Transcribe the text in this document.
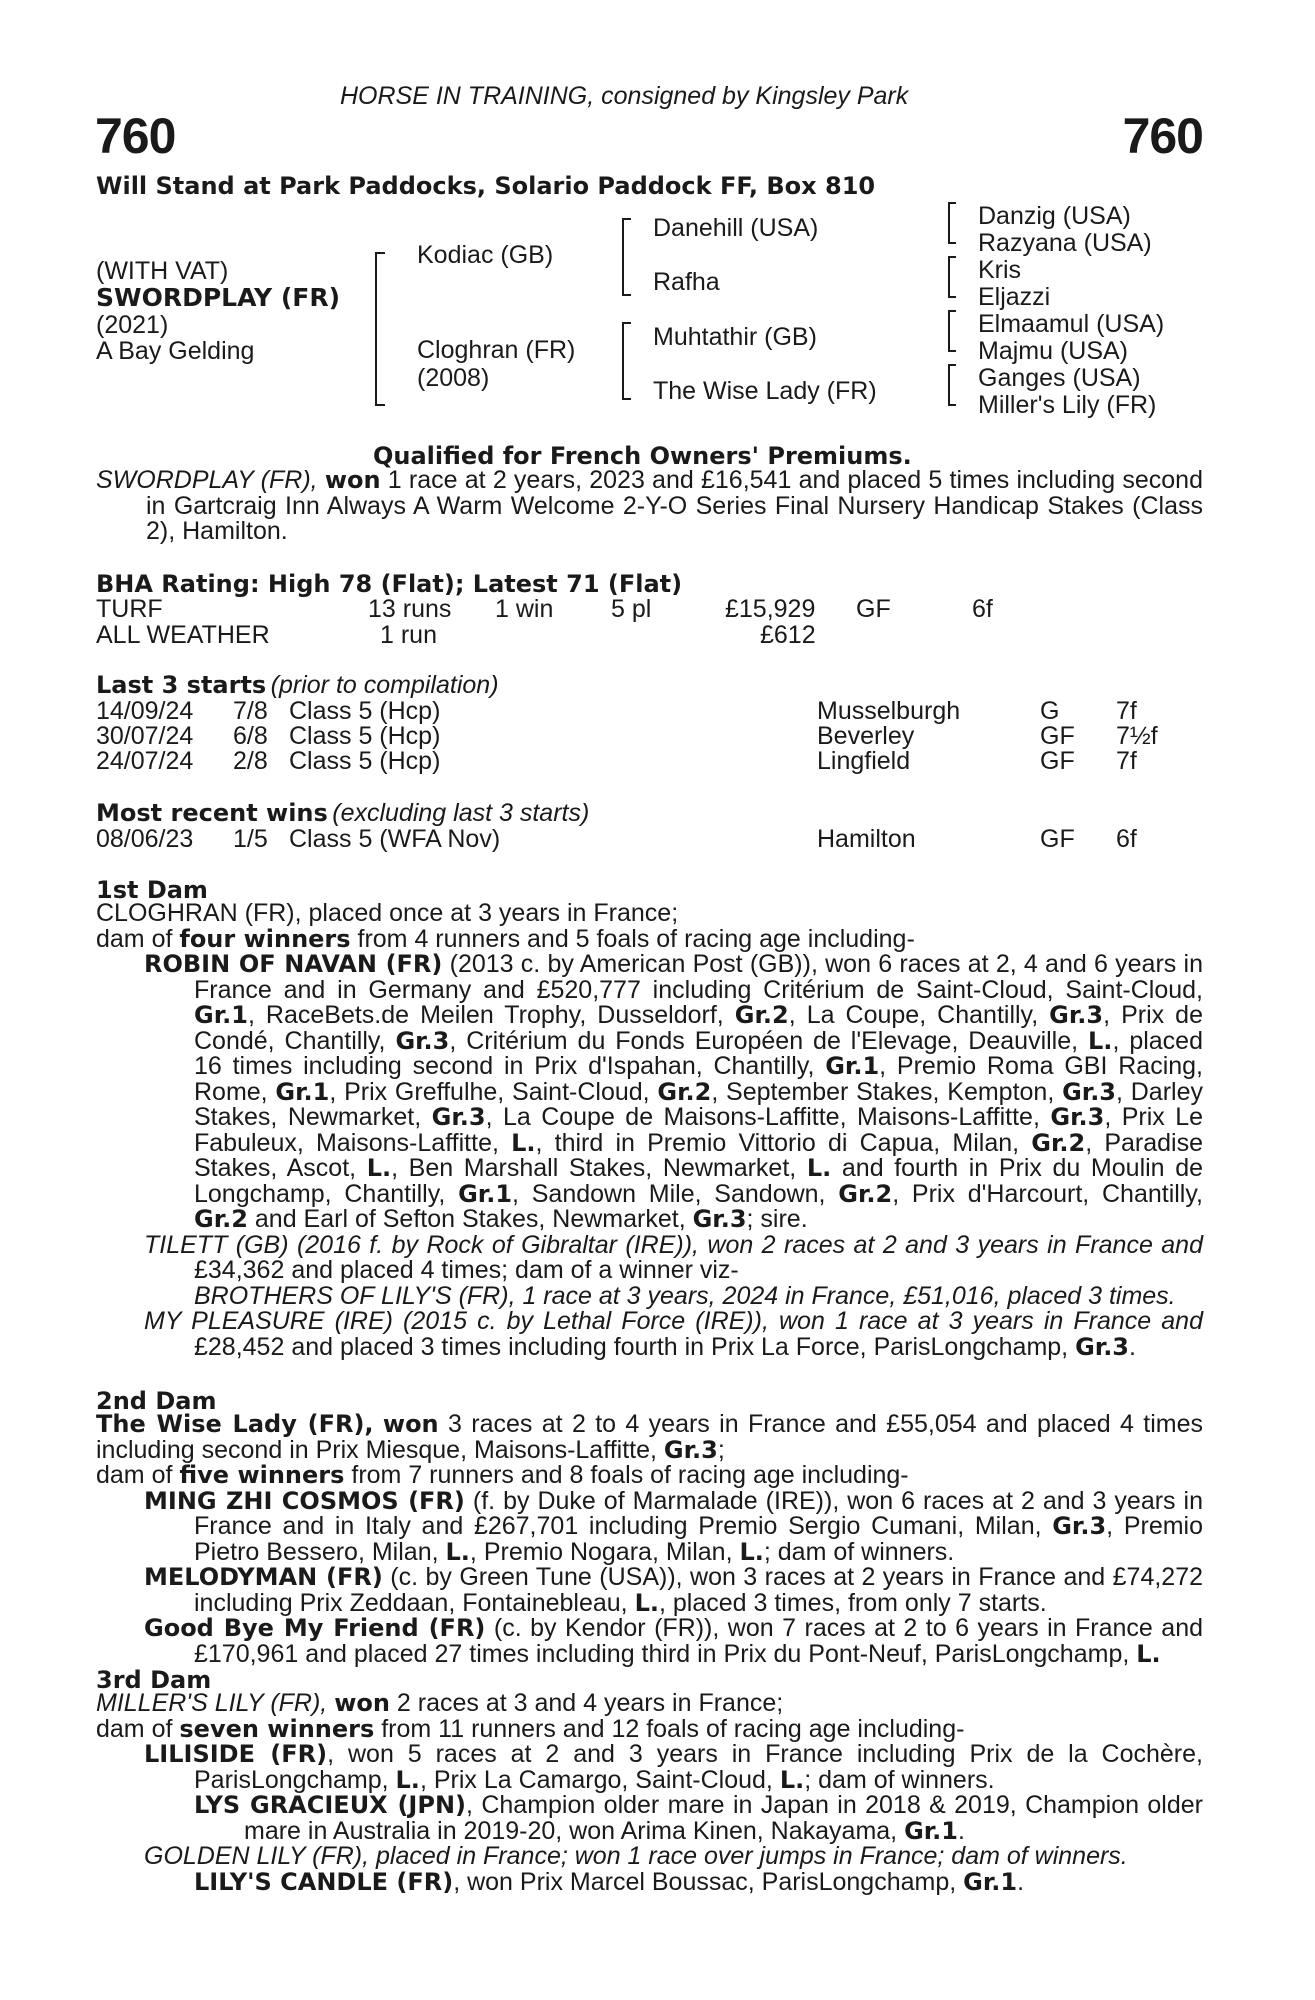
HORSE IN TRAINING, consigned by Kingsley Park
760	760
Will Stand at Park Paddocks, Solario Paddock FF, Box 810
(WITH VAT)
SWORDPLAY (FR)
(2021)
A Bay Gelding
Kodiac (GB)
Cloghran (FR)
(2008)
Danehill (USA)
Rafha
Muhtathir (GB)
The Wise Lady (FR)
Danzig (USA)
Razyana (USA)
Kris
Eljazzi
Elmaamul (USA)
Majmu (USA)
Ganges (USA)
Miller's Lily (FR)
Qualified for French Owners' Premiums.
SWORDPLAY (FR), won 1 race at 2 years, 2023 and £16,541 and placed 5 times including second in Gartcraig Inn Always A Warm Welcome 2-Y-O Series Final Nursery Handicap Stakes (Class 2), Hamilton.
BHA Rating: High 78 (Flat); Latest 71 (Flat)
TURF	13 runs 1 win 5 pl	£15,929 GF	6f
ALL WEATHER	1 run	£612
Last 3 starts (prior to compilation)
14/09/24 7/8 Class 5 (Hcp)	Musselburgh	G 7f
30/07/24 6/8 Class 5 (Hcp)	Beverley	GF 7½f
24/07/24 2/8 Class 5 (Hcp)	Lingfield	GF 7f
Most recent wins (excluding last 3 starts)
08/06/23 1/5 Class 5 (WFA Nov)	Hamilton	GF 6f
1st Dam
CLOGHRAN (FR), placed once at 3 years in France;
dam of four winners from 4 runners and 5 foals of racing age including-
ROBIN OF NAVAN (FR) (2013 c. by American Post (GB)), won 6 races at 2, 4 and 6 years in France and in Germany and £520,777 including Critérium de Saint-Cloud, Saint-Cloud, Gr.1, RaceBets.de Meilen Trophy, Dusseldorf, Gr.2, La Coupe, Chantilly, Gr.3, Prix de Condé, Chantilly, Gr.3, Critérium du Fonds Européen de l'Elevage, Deauville, L., placed 16 times including second in Prix d'Ispahan, Chantilly, Gr.1, Premio Roma GBI Racing, Rome, Gr.1, Prix Greffulhe, Saint-Cloud, Gr.2, September Stakes, Kempton, Gr.3, Darley Stakes, Newmarket, Gr.3, La Coupe de Maisons-Laffitte, Maisons-Laffitte, Gr.3, Prix Le Fabuleux, Maisons-Laffitte, L., third in Premio Vittorio di Capua, Milan, Gr.2, Paradise Stakes, Ascot, L., Ben Marshall Stakes, Newmarket, L. and fourth in Prix du Moulin de Longchamp, Chantilly, Gr.1, Sandown Mile, Sandown, Gr.2, Prix d'Harcourt, Chantilly, Gr.2 and Earl of Sefton Stakes, Newmarket, Gr.3; sire.
TILETT (GB) (2016 f. by Rock of Gibraltar (IRE)), won 2 races at 2 and 3 years in France and £34,362 and placed 4 times; dam of a winner viz-
BROTHERS OF LILY'S (FR), 1 race at 3 years, 2024 in France, £51,016, placed 3 times.
MY PLEASURE (IRE) (2015 c. by Lethal Force (IRE)), won 1 race at 3 years in France and £28,452 and placed 3 times including fourth in Prix La Force, ParisLongchamp, Gr.3.
2nd Dam
The Wise Lady (FR), won 3 races at 2 to 4 years in France and £55,054 and placed 4 times including second in Prix Miesque, Maisons-Laffitte, Gr.3;
dam of five winners from 7 runners and 8 foals of racing age including-
MING ZHI COSMOS (FR) (f. by Duke of Marmalade (IRE)), won 6 races at 2 and 3 years in France and in Italy and £267,701 including Premio Sergio Cumani, Milan, Gr.3, Premio Pietro Bessero, Milan, L., Premio Nogara, Milan, L.; dam of winners.
MELODYMAN (FR) (c. by Green Tune (USA)), won 3 races at 2 years in France and £74,272 including Prix Zeddaan, Fontainebleau, L., placed 3 times, from only 7 starts.
Good Bye My Friend (FR) (c. by Kendor (FR)), won 7 races at 2 to 6 years in France and £170,961 and placed 27 times including third in Prix du Pont-Neuf, ParisLongchamp, L.
3rd Dam
MILLER'S LILY (FR), won 2 races at 3 and 4 years in France;
dam of seven winners from 11 runners and 12 foals of racing age including-
LILISIDE (FR), won 5 races at 2 and 3 years in France including Prix de la Cochère, ParisLongchamp, L., Prix La Camargo, Saint-Cloud, L.; dam of winners.
LYS GRACIEUX (JPN), Champion older mare in Japan in 2018 & 2019, Champion older mare in Australia in 2019-20, won Arima Kinen, Nakayama, Gr.1.
GOLDEN LILY (FR), placed in France; won 1 race over jumps in France; dam of winners.
LILY'S CANDLE (FR), won Prix Marcel Boussac, ParisLongchamp, Gr.1.
